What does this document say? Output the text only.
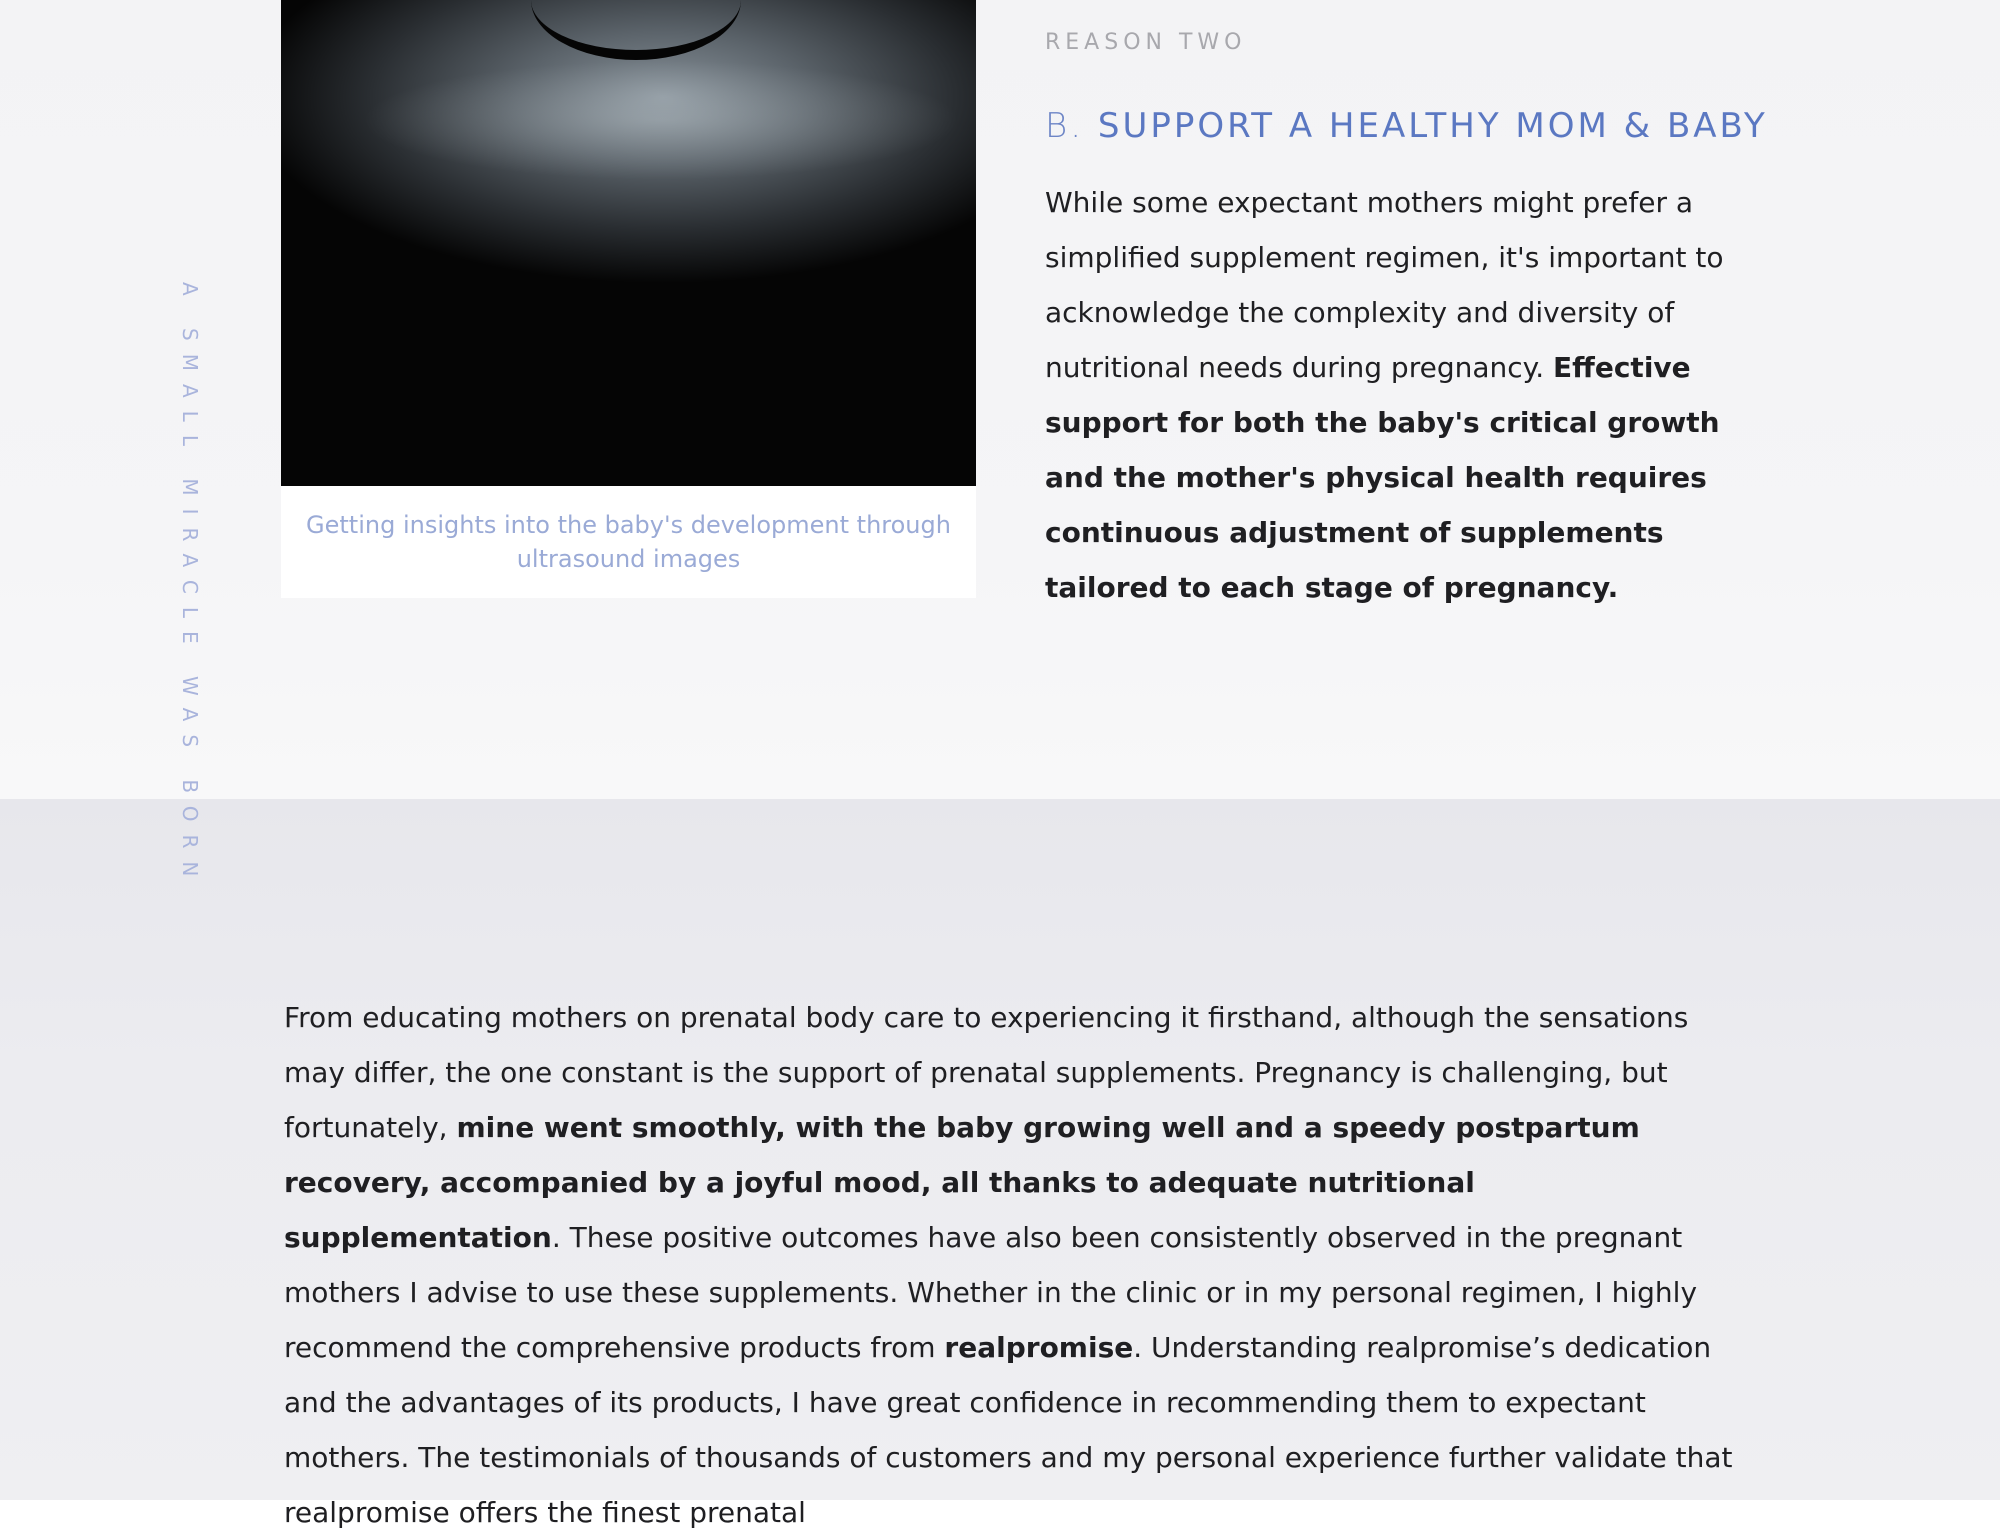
Getting insights into the baby's development through ultrasound images
A SMALL MIRACLE WAS BORN
REASON TWO
B. SUPPORT A HEALTHY MOM & BABY
While some expectant mothers might prefer a simplified supplement regimen, it's important to acknowledge the complexity and diversity of nutritional needs during pregnancy. Effective support for both the baby's critical growth and the mother's physical health requires continuous adjustment of supplements tailored to each stage of pregnancy.
From educating mothers on prenatal body care to experiencing it firsthand, although the sensations may differ, the one constant is the support of prenatal supplements. Pregnancy is challenging, but fortunately, mine went smoothly, with the baby growing well and a speedy postpartum recovery, accompanied by a joyful mood, all thanks to adequate nutritional supplementation. These positive outcomes have also been consistently observed in the pregnant mothers I advise to use these supplements. Whether in the clinic or in my personal regimen, I highly recommend the comprehensive products from realpromise. Understanding realpromise’s dedication and the advantages of its products, I have great confidence in recommending them to expectant mothers. The testimonials of thousands of customers and my personal experience further validate that realpromise offers the finest prenatal
